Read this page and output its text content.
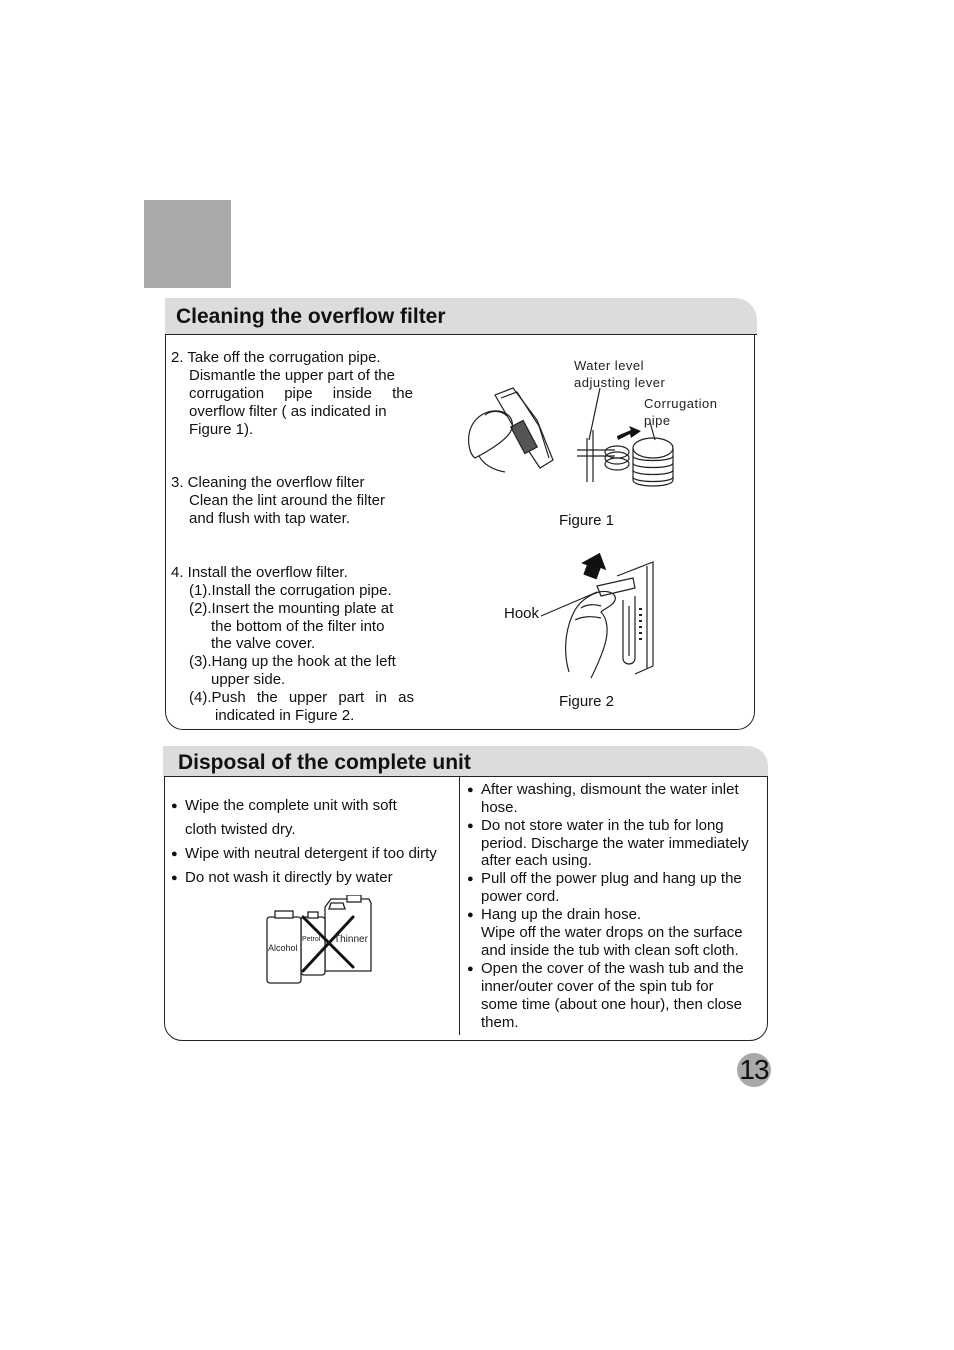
Cleaning the overflow filter
2. Take off the corrugation pipe.
Dismantle the upper part of the
corrugation pipe inside the
overflow filter ( as indicated in
Figure 1).
3. Cleaning the overflow filter
Clean the lint around the filter
and flush with tap water.
4. Install the overflow filter.
(1).Install the corrugation pipe.
(2).Insert the mounting plate at
the bottom of the filter into
the valve cover.
(3).Hang up the hook at the left
upper side.
(4).Push the upper part in as
indicated in Figure 2.
Water level
adjusting lever
Corrugation
pipe
Figure 1
Hook
Figure 2
Disposal of the complete unit
● Wipe the complete unit with soft
cloth twisted dry.
● Wipe with neutral detergent if too dirty
● Do not wash it directly by water
Alcohol
Petrol Thinner
● After washing, dismount the water inlet
hose.
● Do not store water in the tub for long
period. Discharge the water immediately
after each using.
● Pull off the power plug and hang up the
power cord.
● Hang up the drain hose.
Wipe off the water drops on the surface
and inside the tub with clean soft cloth.
● Open the cover of the wash tub and the
inner/outer cover of the spin tub for
some time (about one hour), then close
them.
13
